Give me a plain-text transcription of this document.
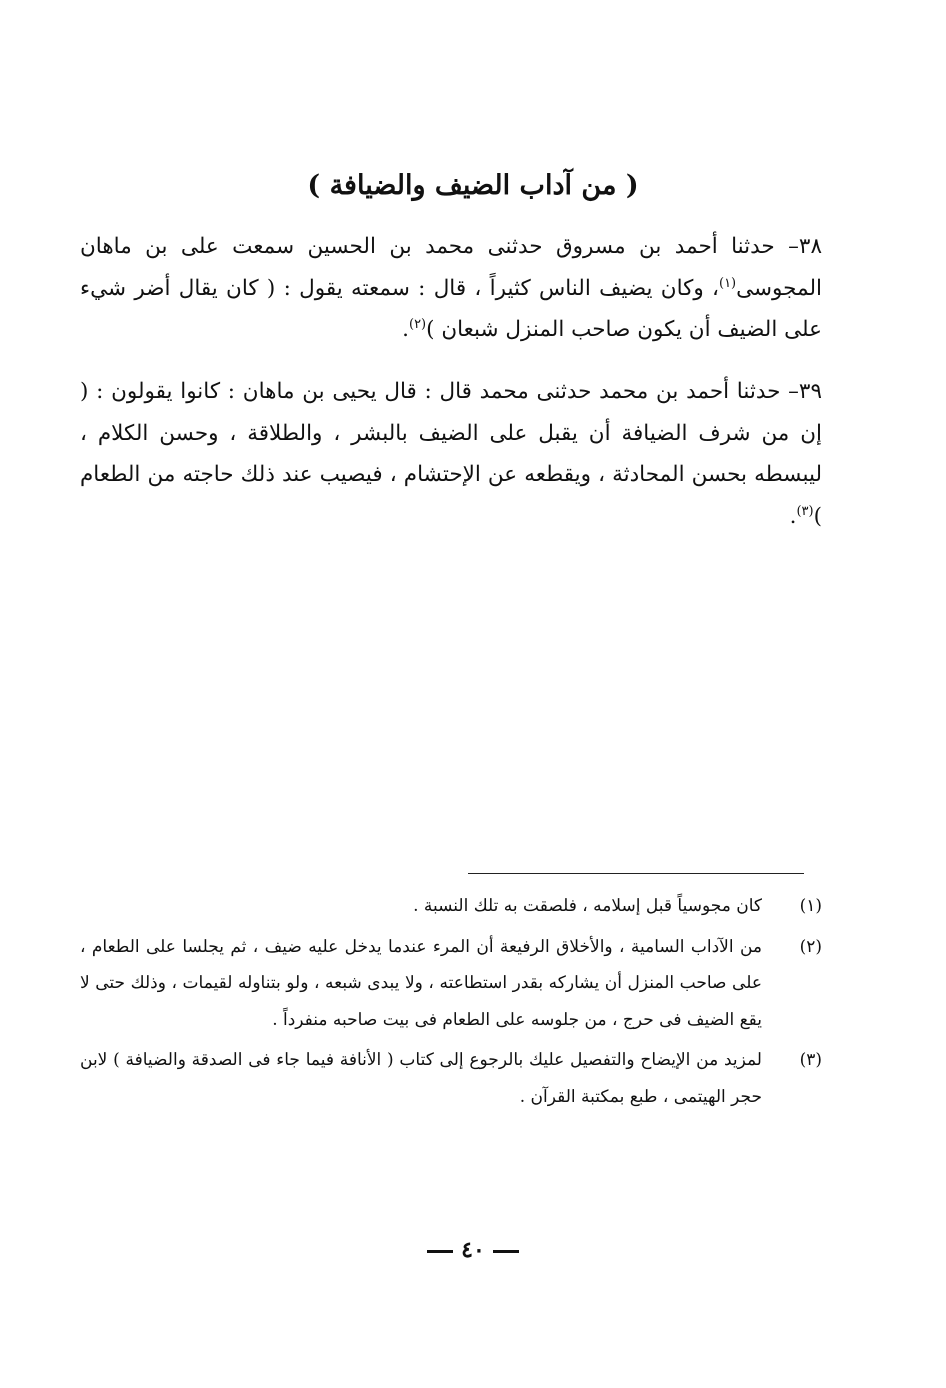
( من آداب الضيف والضيافة )

٣٨– حدثنا أحمد بن مسروق حدثنى محمد بن الحسين سمعت على بن ماهان المجوسى$^{(١)}$، وكان يضيف الناس كثيراً ، قال : سمعته يقول : ( كان يقال أضر شيء على الضيف أن يكون صاحب المنزل شبعان )$^{(٢)}$.

٣٩– حدثنا أحمد بن محمد حدثنى محمد قال : قال يحيى بن ماهان : كانوا يقولون : ( إن من شرف الضيافة أن يقبل على الضيف بالبشر ، والطلاقة ، وحسن الكلام ، ليبسطه بحسن المحادثة ، ويقطعه عن الإحتشام ، فيصيب عند ذلك حاجته من الطعام )$^{(٣)}$.

(١)
كان مجوسياً قبل إسلامه ، فلصقت به تلك النسبة .
(٢)
من الآداب السامية ، والأخلاق الرفيعة أن المرء عندما يدخل عليه ضيف ، ثم يجلسا على الطعام ، على صاحب المنزل أن يشاركه بقدر استطاعته ، ولا يبدى شبعه ، ولو بتناوله لقيمات ، وذلك حتى لا يقع الضيف فى حرج ، من جلوسه على الطعام فى بيت صاحبه منفرداً .
(٣)
لمزيد من الإيضاح والتفصيل عليك بالرجوع إلى كتاب ( الأنافة فيما جاء فى الصدقة والضيافة ) لابن حجر الهيتمى ، طبع بمكتبة القرآن .
٤٠
